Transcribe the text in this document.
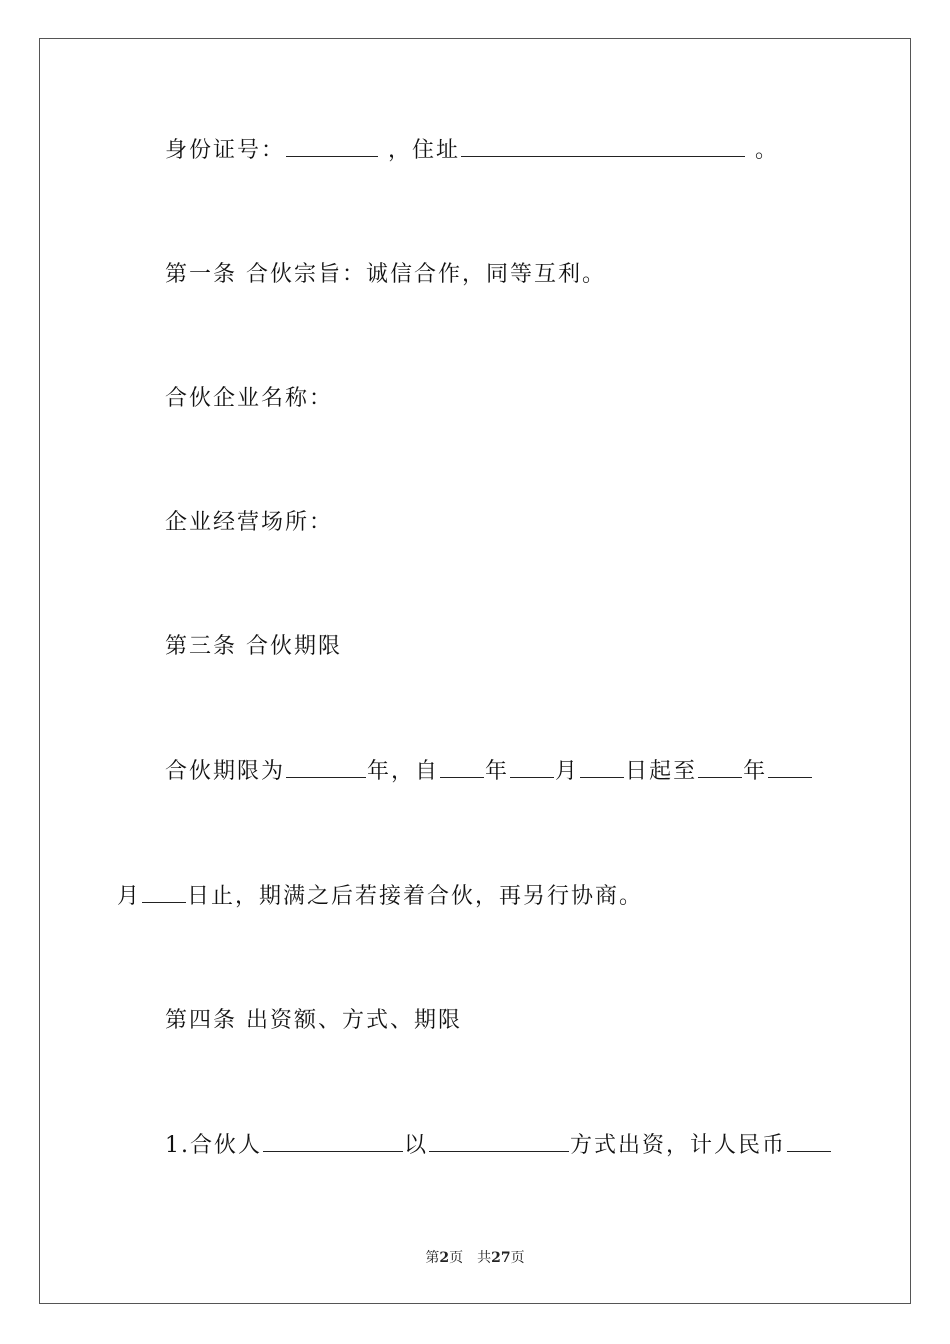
身份证号：	，住址	。
第一条 合伙宗旨：诚信合作，同等互利。
合伙企业名称：
企业经营场所：
第三条 合伙期限
合伙期限为	年，自 年 月 日起至 年
月 日止，期满之后若接着合伙，再另行协商。
第四条 出资额、方式、期限
1.合伙人	以	方式出资，计人民币
第2页　共27页
